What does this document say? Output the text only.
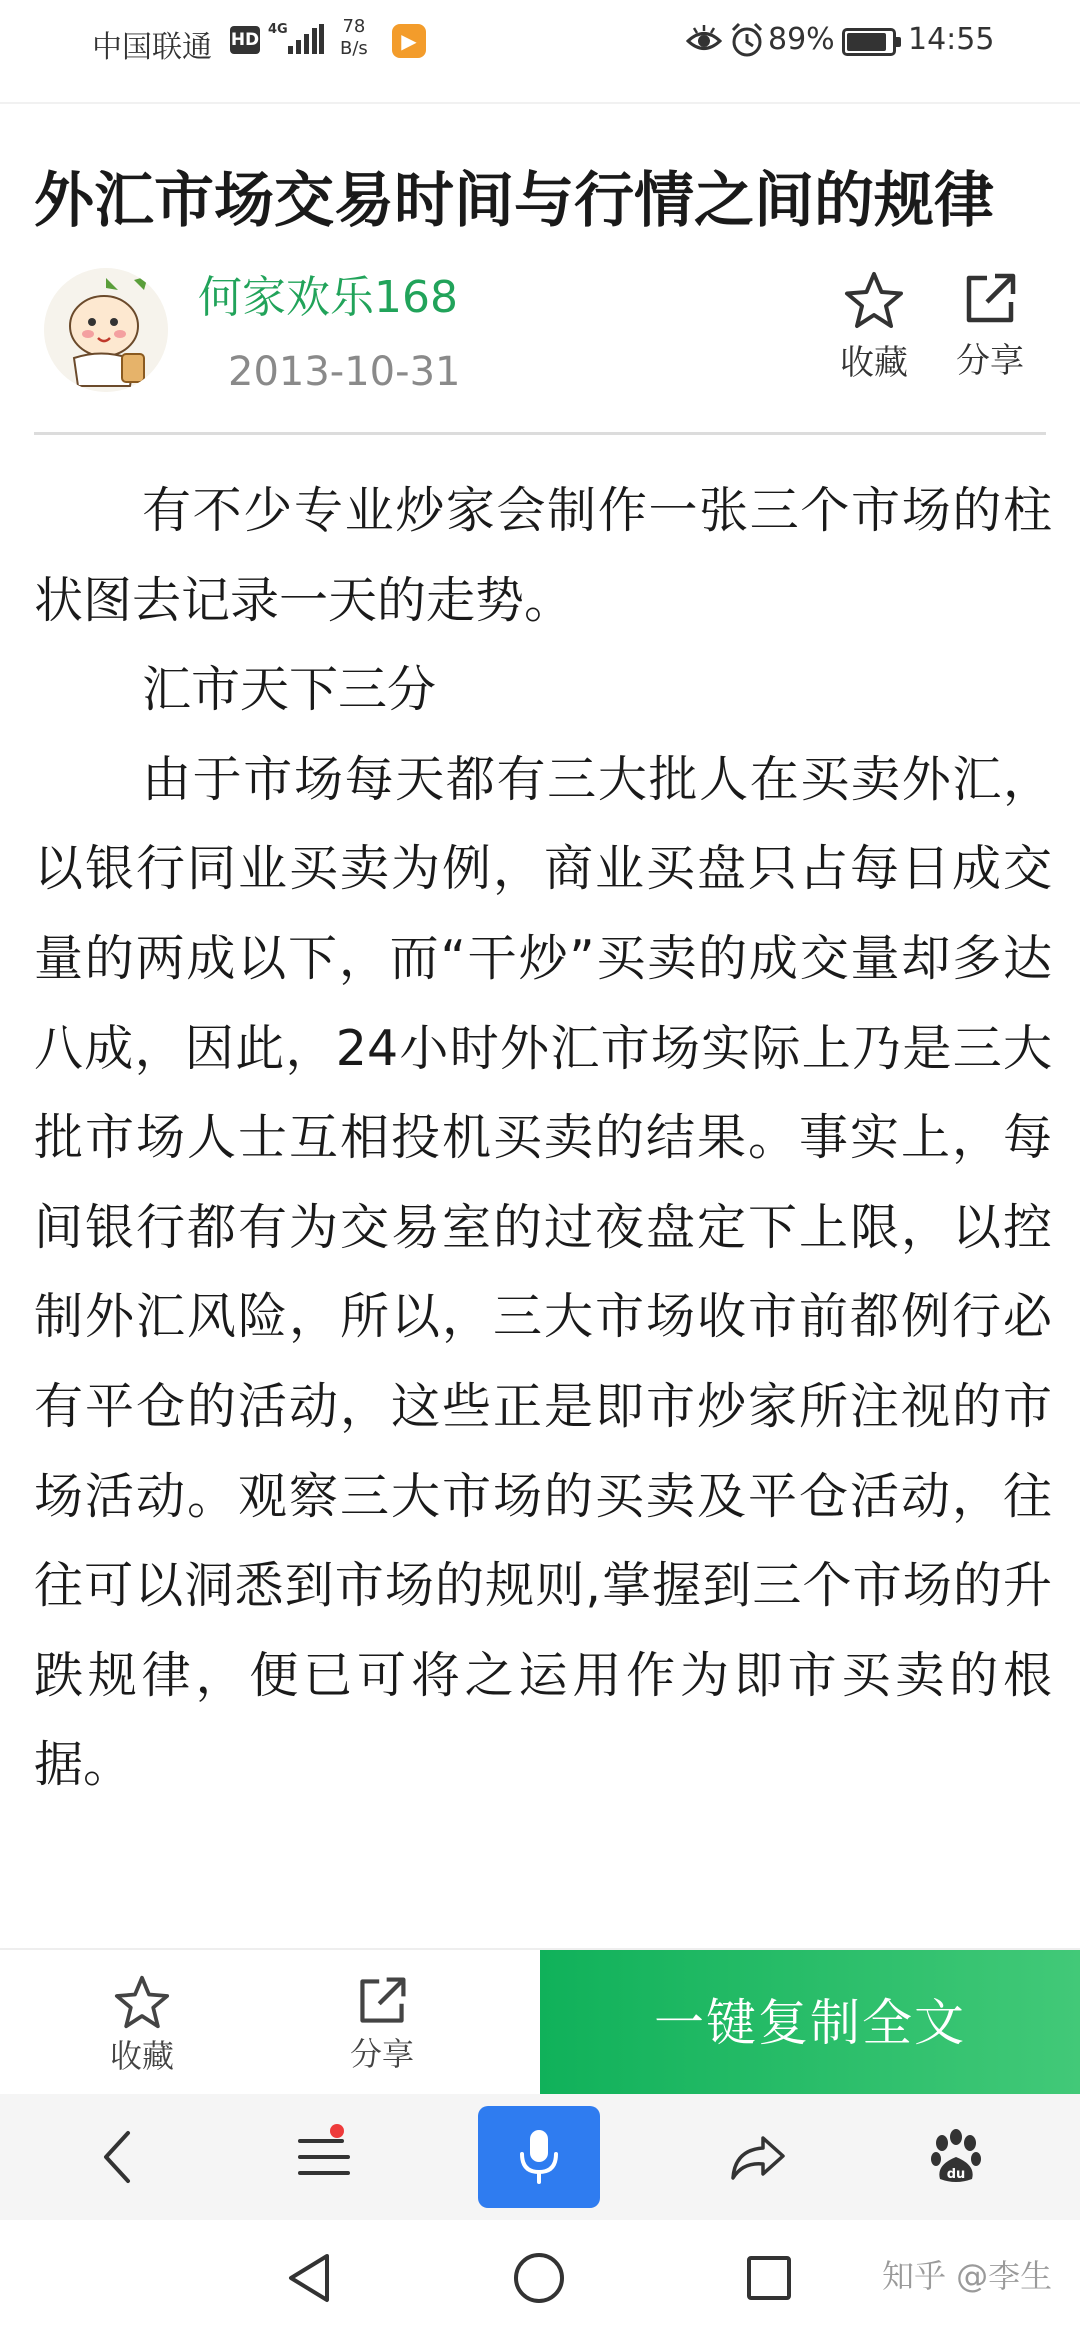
中国联通 HD
4G	78
B/s	▶	89% 14:55
外汇市场交易时间与行情之间的规律
何家欢乐168
2013-10-31	收藏	分享

有不少专业炒家会制作一张三个市场的柱状图去记录一天的走势。

汇市天下三分

由于市场每天都有三大批人在买卖外汇，以银行同业买卖为例，商业买盘只占每日成交量的两成以下，而“干炒”买卖的成交量却多达八成，因此，24小时外汇市场实际上乃是三大批市场人士互相投机买卖的结果。事实上，每间银行都有为交易室的过夜盘定下上限，以控制外汇风险，所以，三大市场收市前都例行必有平仓的活动，这些正是即市炒家所注视的市场活动。观察三大市场的买卖及平仓活动，往往可以洞悉到市场的规则,掌握到三个市场的升跌规律，便已可将之运用作为即市买卖的根据。

收藏	分享
一键复制全文
du
知乎 @李生
